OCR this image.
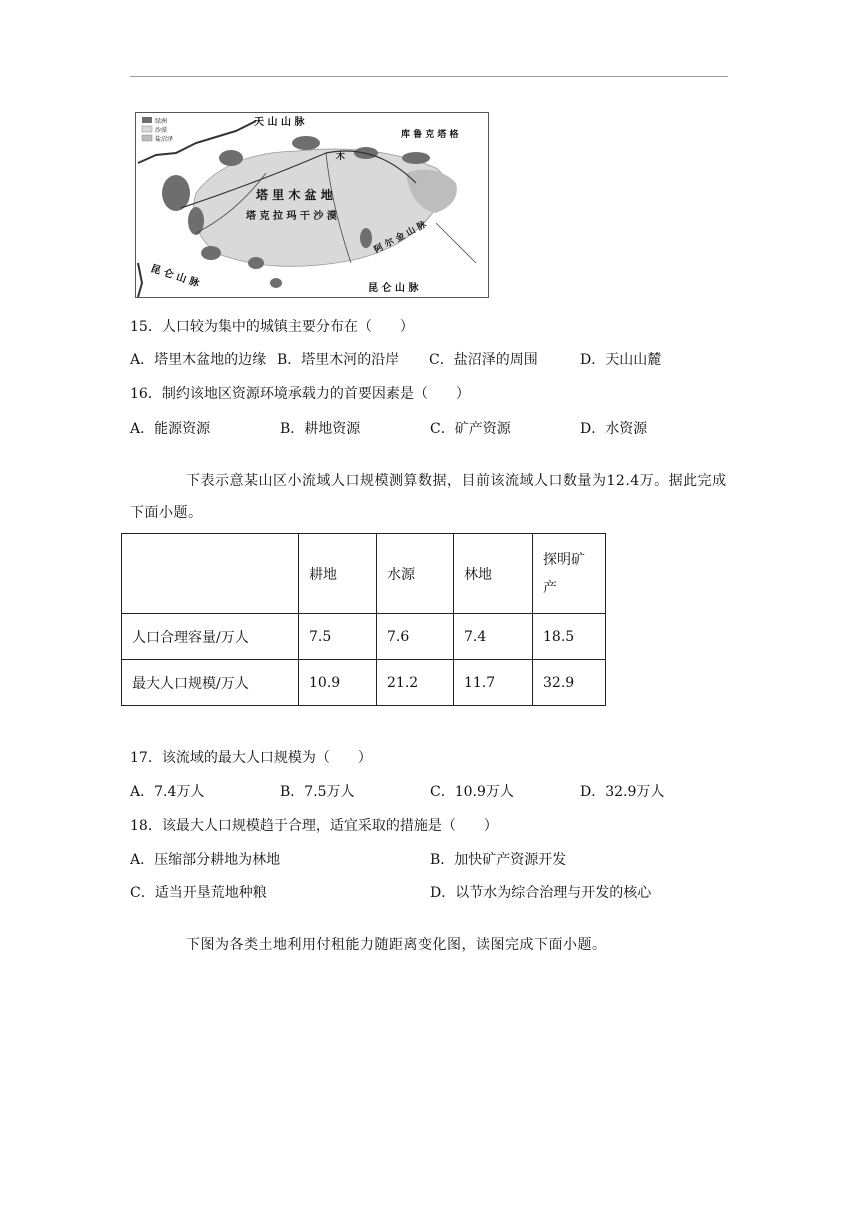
绿洲
沙漠
盐沼泽
天 山 山 脉
库 鲁 克 塔 格
塔 里 木 盆 地
塔 克 拉 玛 干 沙 漠
阿 尔 金 山 脉
昆 仑 山 脉
昆 仑 山 脉
木
15．人口较为集中的城镇主要分布在（　　）
A．塔里木盆地的边缘 B．塔里木河的沿岸 C．盐沼泽的周围	D．天山山麓
16．制约该地区资源环境承载力的首要因素是（　　）
A．能源资源	B．耕地资源	C．矿产资源	D．水资源
下表示意某山区小流域人口规模测算数据，目前该流域人口数量为12.4万。据此完成下面小题。
	耕地	水源	林地	探明矿产
人口合理容量/万人	7.5	7.6	7.4	18.5
最大人口规模/万人	10.9	21.2	11.7	32.9
17．该流域的最大人口规模为（　　）
A．7.4万人	B．7.5万人	C．10.9万人	D．32.9万人
18．该最大人口规模趋于合理，适宜采取的措施是（　　）
A．压缩部分耕地为林地	B．加快矿产资源开发
C．适当开垦荒地种粮	D．以节水为综合治理与开发的核心
下图为各类土地利用付租能力随距离变化图，读图完成下面小题。
